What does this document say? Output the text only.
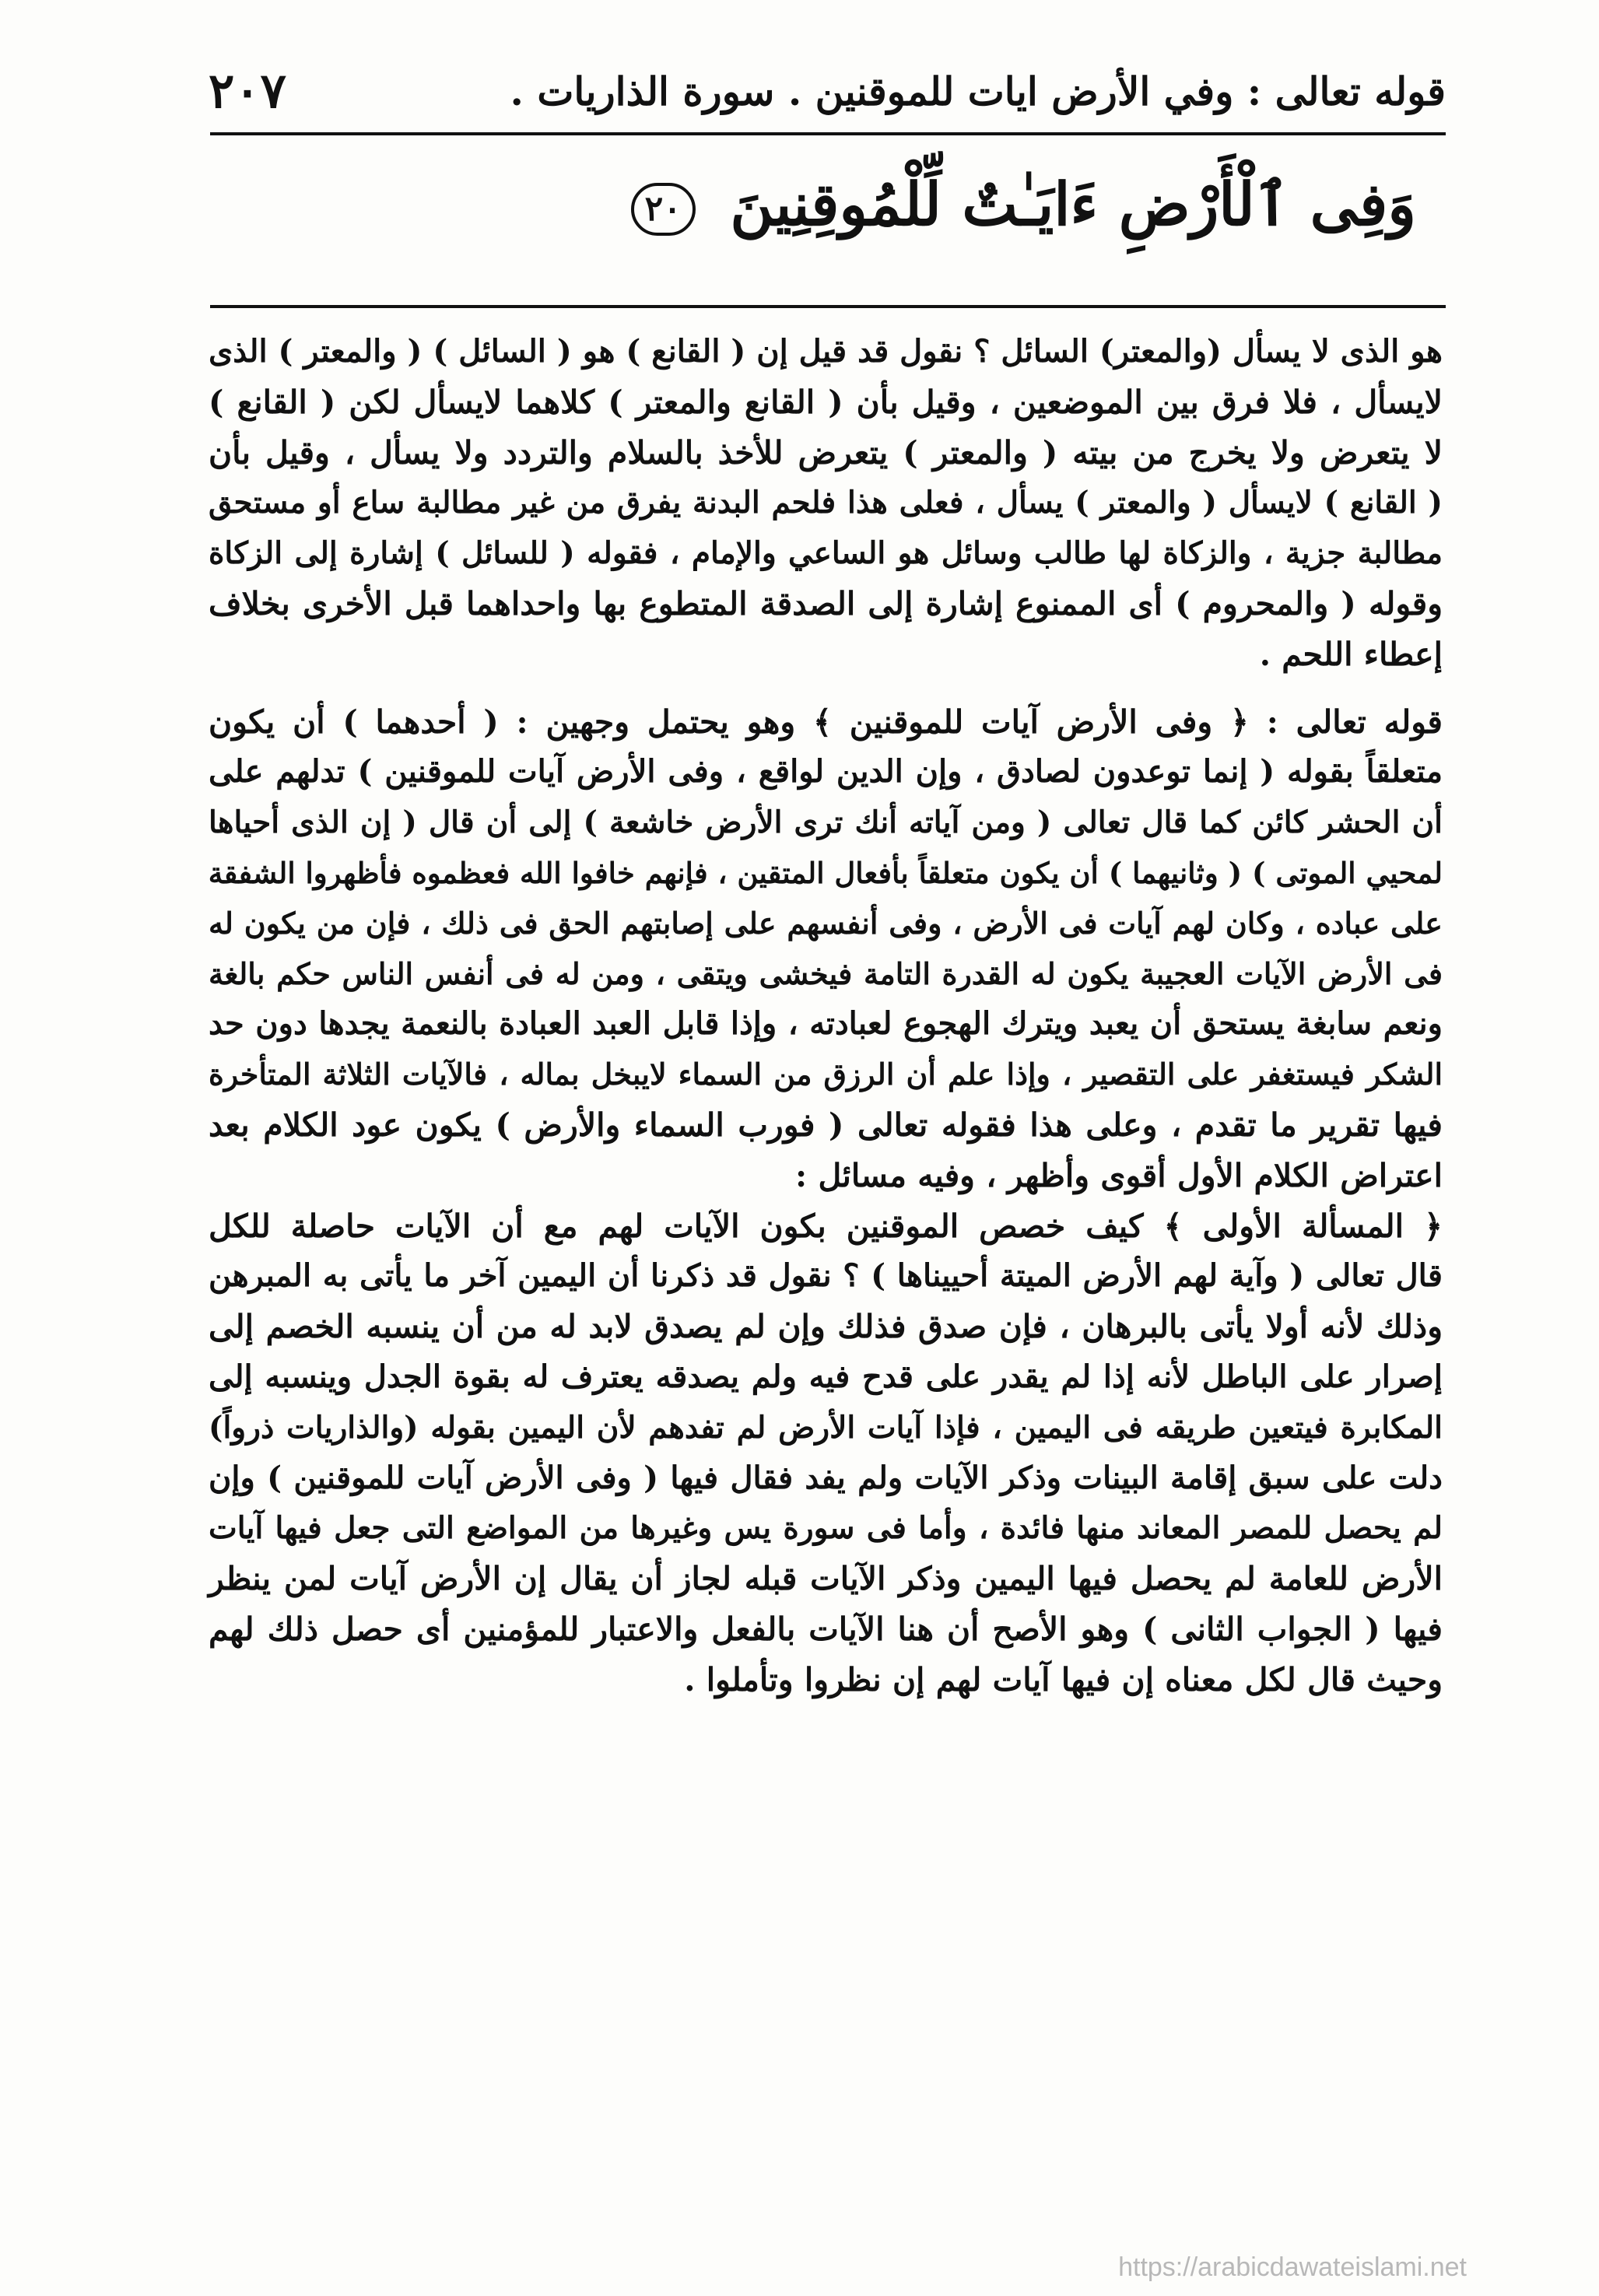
قوله تعالى : وفي الأرض ايات للموقنين . سورة الذاريات .
٢٠٧
وَفِى ٱلْأَرْضِ ءَايَـٰتٌ لِّلْمُوقِنِينَ ٢٠
هو الذى لا يسأل (والمعتر) السائل ؟ نقول قد قيل إن ( القانع ) هو ( السائل ) ( والمعتر ) الذى
لايسأل ، فلا فرق بين الموضعين ، وقيل بأن ( القانع والمعتر ) كلاهما لايسأل لكن ( القانع )
لا يتعرض ولا يخرج من بيته ( والمعتر ) يتعرض للأخذ بالسلام والتردد ولا يسأل ، وقيل بأن
( القانع ) لايسأل ( والمعتر ) يسأل ، فعلى هذا فلحم البدنة يفرق من غير مطالبة ساع أو مستحق
مطالبة جزية ، والزكاة لها طالب وسائل هو الساعي والإمام ، فقوله ( للسائل ) إشارة إلى الزكاة
وقوله ( والمحروم ) أى الممنوع إشارة إلى الصدقة المتطوع بها واحداهما قبل الأخرى بخلاف
إعطاء اللحم .
قوله تعالى : ﴿ وفى الأرض آيات للموقنين ﴾ وهو يحتمل وجهين : ( أحدهما ) أن يكون
متعلقاً بقوله ( إنما توعدون لصادق ، وإن الدين لواقع ، وفى الأرض آيات للموقنين ) تدلهم على
أن الحشر كائن كما قال تعالى ( ومن آياته أنك ترى الأرض خاشعة ) إلى أن قال ( إن الذى أحياها
لمحيي الموتى ) ( وثانيهما ) أن يكون متعلقاً بأفعال المتقين ، فإنهم خافوا الله فعظموه فأظهروا الشفقة
على عباده ، وكان لهم آيات فى الأرض ، وفى أنفسهم على إصابتهم الحق فى ذلك ، فإن من يكون له
فى الأرض الآيات العجيبة يكون له القدرة التامة فيخشى ويتقى ، ومن له فى أنفس الناس حكم بالغة
ونعم سابغة يستحق أن يعبد ويترك الهجوع لعبادته ، وإذا قابل العبد العبادة بالنعمة يجدها دون حد
الشكر فيستغفر على التقصير ، وإذا علم أن الرزق من السماء لايبخل بماله ، فالآيات الثلاثة المتأخرة
فيها تقرير ما تقدم ، وعلى هذا فقوله تعالى ( فورب السماء والأرض ) يكون عود الكلام بعد
اعتراض الكلام الأول أقوى وأظهر ، وفيه مسائل :
﴿ المسألة الأولى ﴾ كيف خصص الموقنين بكون الآيات لهم مع أن الآيات حاصلة للكل
قال تعالى ( وآية لهم الأرض الميتة أحييناها ) ؟ نقول قد ذكرنا أن اليمين آخر ما يأتى به المبرهن
وذلك لأنه أولا يأتى بالبرهان ، فإن صدق فذلك وإن لم يصدق لابد له من أن ينسبه الخصم إلى
إصرار على الباطل لأنه إذا لم يقدر على قدح فيه ولم يصدقه يعترف له بقوة الجدل وينسبه إلى
المكابرة فيتعين طريقه فى اليمين ، فإذا آيات الأرض لم تفدهم لأن اليمين بقوله (والذاريات ذرواً)
دلت على سبق إقامة البينات وذكر الآيات ولم يفد فقال فيها ( وفى الأرض آيات للموقنين ) وإن
لم يحصل للمصر المعاند منها فائدة ، وأما فى سورة يس وغيرها من المواضع التى جعل فيها آيات
الأرض للعامة لم يحصل فيها اليمين وذكر الآيات قبله لجاز أن يقال إن الأرض آيات لمن ينظر
فيها ( الجواب الثانى ) وهو الأصح أن هنا الآيات بالفعل والاعتبار للمؤمنين أى حصل ذلك لهم
وحيث قال لكل معناه إن فيها آيات لهم إن نظروا وتأملوا .
https://arabicdawateislami.net
